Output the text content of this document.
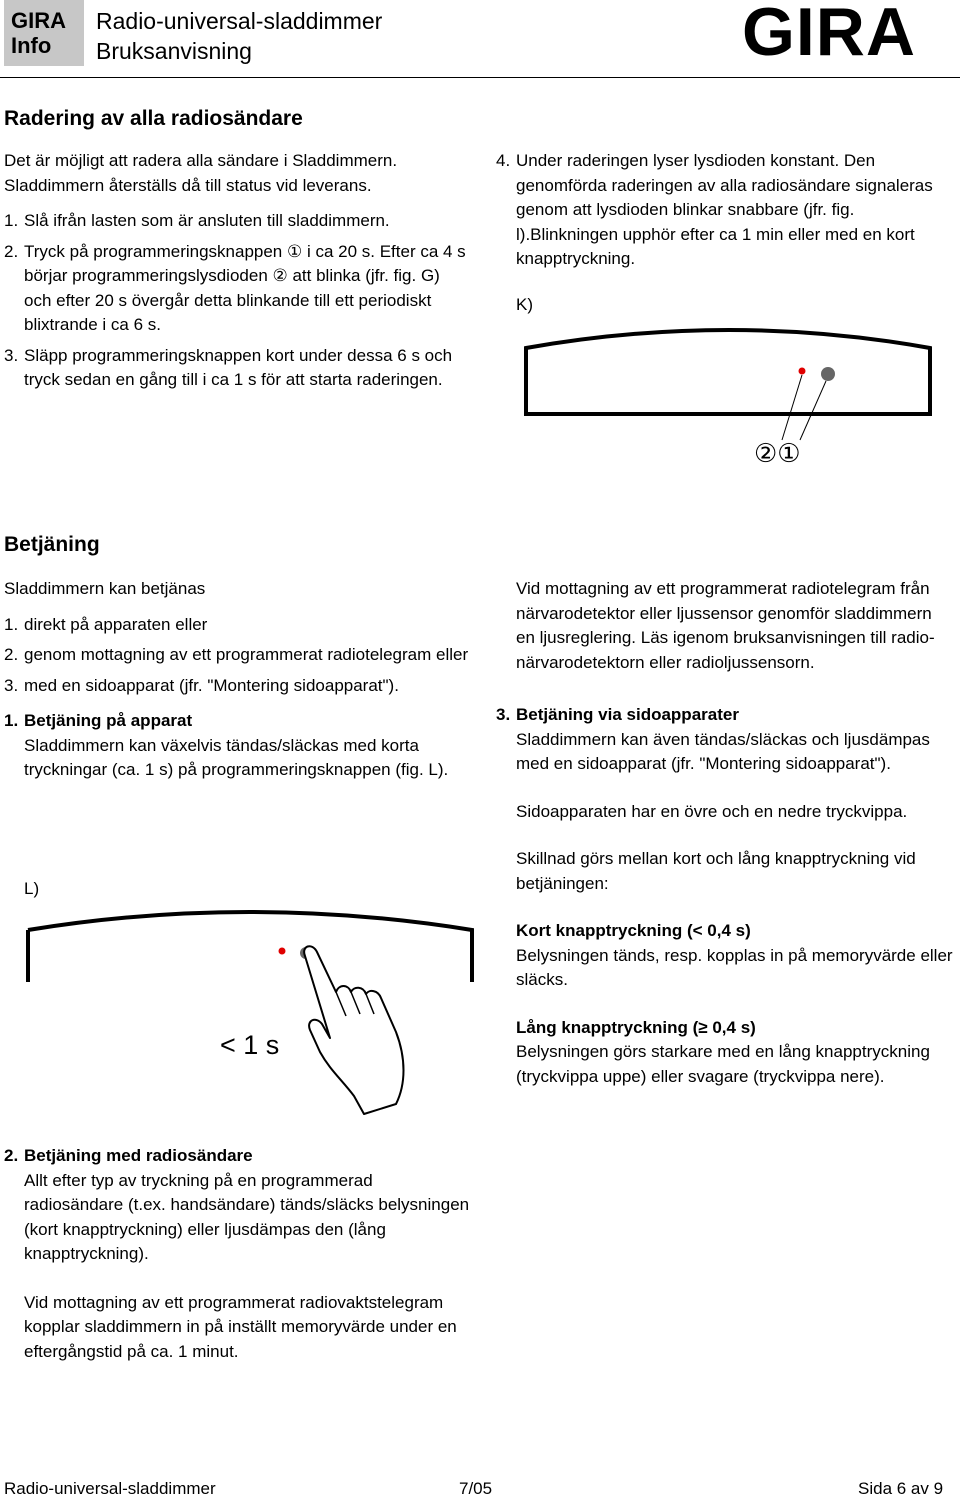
GIRA
Info
Radio-universal-sladdimmer
Bruksanvisning	GIRA
Radering av alla radiosändare
Det är möjligt att radera alla sändare i Sladdimmern. Sladdimmern återställs då till status vid leverans.
1. Slå ifrån lasten som är ansluten till sladdimmern.
2. Tryck på programmeringsknappen ① i ca 20 s. Efter ca 4 s börjar programmeringslysdioden ② att blinka (jfr. fig. G) och efter 20 s övergår detta blinkande till ett periodiskt blixtrande i ca 6 s.
3. Släpp programmeringsknappen kort under dessa 6 s och tryck sedan en gång till i ca 1 s för att starta raderingen.
4. Under raderingen lyser lysdioden konstant. Den genomförda raderingen av alla radiosändare signaleras genom att lysdioden blinkar snabbare (jfr. fig. l).Blinkningen upphör efter ca 1 min eller med en kort knapptryckning.
K)
②①
Betjäning
Sladdimmern kan betjänas
1. direkt på apparaten eller
2. genom mottagning av ett programmerat radiotelegram eller
3. med en sidoapparat (jfr. "Montering sidoapparat").
1. Betjäning på apparat
Sladdimmern kan växelvis tändas/släckas med korta tryckningar (ca. 1 s) på programmeringsknappen (fig. L).
L)
< 1 s
2. Betjäning med radiosändare
Allt efter typ av tryckning på en programmerad radiosändare (t.ex. handsändare) tänds/släcks belysningen (kort knapptryckning) eller ljusdämpas den (lång knapptryckning).
Vid mottagning av ett programmerat radiovaktstelegram kopplar sladdimmern in på inställt memoryvärde under en eftergångstid på ca. 1 minut.
Vid mottagning av ett programmerat radiotelegram från närvarodetektor eller ljussensor genomför sladdimmern en ljusreglering. Läs igenom bruksanvisningen till radio-närvarodetektorn eller radioljussensorn.
3. Betjäning via sidoapparater
Sladdimmern kan även tändas/släckas och ljusdämpas med en sidoapparat (jfr. "Montering sidoapparat").
Sidoapparaten har en övre och en nedre tryckvippa.
Skillnad görs mellan kort och lång knapptryckning vid betjäningen:
Kort knapptryckning (< 0,4 s)
Belysningen tänds, resp. kopplas in på memoryvärde eller släcks.
Lång knapptryckning (≥ 0,4 s)
Belysningen görs starkare med en lång knapptryckning (tryckvippa uppe) eller svagare (tryckvippa nere).
Radio-universal-sladdimmer	7/05	Sida 6 av 9
